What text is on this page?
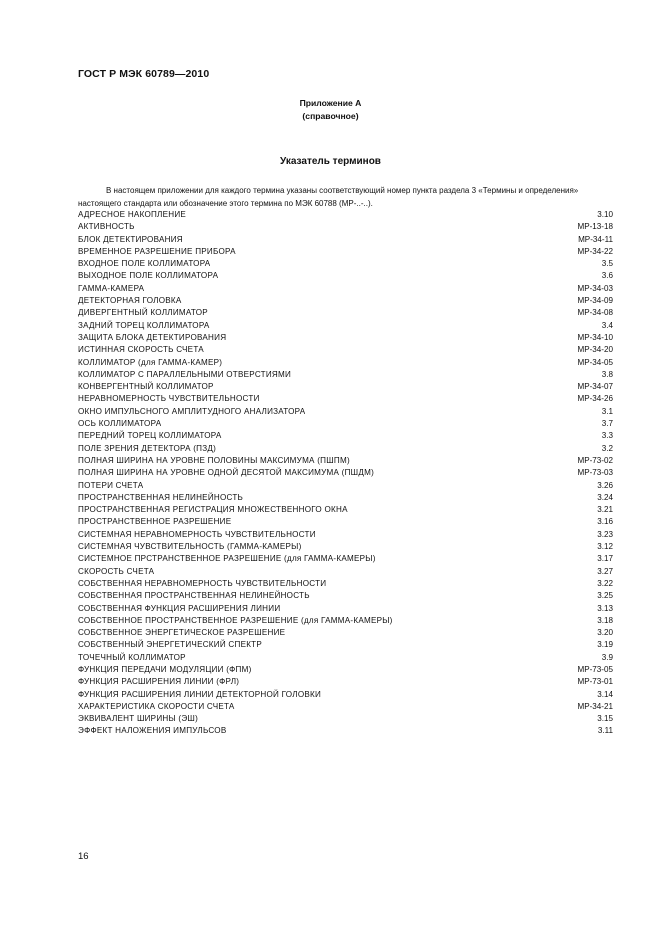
ГОСТ Р МЭК 60789—2010
Приложение А
(справочное)
Указатель терминов
В настоящем приложении для каждого термина указаны соответствующий номер пункта раздела 3 «Термины и определения» настоящего стандарта или обозначение этого термина по МЭК 60788 (МР-..-..).
АДРЕСНОЕ НАКОПЛЕНИЕ	3.10
АКТИВНОСТЬ	МР-13-18
БЛОК ДЕТЕКТИРОВАНИЯ	МР-34-11
ВРЕМЕННОЕ РАЗРЕШЕНИЕ ПРИБОРА	МР-34-22
ВХОДНОЕ ПОЛЕ КОЛЛИМАТОРА	3.5
ВЫХОДНОЕ ПОЛЕ КОЛЛИМАТОРА	3.6
ГАММА-КАМЕРА	МР-34-03
ДЕТЕКТОРНАЯ ГОЛОВКА	МР-34-09
ДИВЕРГЕНТНЫЙ КОЛЛИМАТОР	МР-34-08
ЗАДНИЙ ТОРЕЦ КОЛЛИМАТОРА	3.4
ЗАЩИТА БЛОКА ДЕТЕКТИРОВАНИЯ	МР-34-10
ИСТИННАЯ СКОРОСТЬ СЧЕТА	МР-34-20
КОЛЛИМАТОР (для ГАММА-КАМЕР)	МР-34-05
КОЛЛИМАТОР С ПАРАЛЛЕЛЬНЫМИ ОТВЕРСТИЯМИ	3.8
КОНВЕРГЕНТНЫЙ КОЛЛИМАТОР	МР-34-07
НЕРАВНОМЕРНОСТЬ ЧУВСТВИТЕЛЬНОСТИ	МР-34-26
ОКНО ИМПУЛЬСНОГО АМПЛИТУДНОГО АНАЛИЗАТОРА	3.1
ОСЬ КОЛЛИМАТОРА	3.7
ПЕРЕДНИЙ ТОРЕЦ КОЛЛИМАТОРА	3.3
ПОЛЕ ЗРЕНИЯ ДЕТЕКТОРА (ПЗД)	3.2
ПОЛНАЯ ШИРИНА НА УРОВНЕ ПОЛОВИНЫ МАКСИМУМА (ПШПМ)	МР-73-02
ПОЛНАЯ ШИРИНА НА УРОВНЕ ОДНОЙ ДЕСЯТОЙ МАКСИМУМА (ПШДМ)	МР-73-03
ПОТЕРИ СЧЕТА	3.26
ПРОСТРАНСТВЕННАЯ НЕЛИНЕЙНОСТЬ	3.24
ПРОСТРАНСТВЕННАЯ РЕГИСТРАЦИЯ МНОЖЕСТВЕННОГО ОКНА	3.21
ПРОСТРАНСТВЕННОЕ РАЗРЕШЕНИЕ	3.16
СИСТЕМНАЯ НЕРАВНОМЕРНОСТЬ ЧУВСТВИТЕЛЬНОСТИ	3.23
СИСТЕМНАЯ ЧУВСТВИТЕЛЬНОСТЬ (ГАММА-КАМЕРЫ)	3.12
СИСТЕМНОЕ ПРСТРАНСТВЕННОЕ РАЗРЕШЕНИЕ (для ГАММА-КАМЕРЫ)	3.17
СКОРОСТЬ СЧЕТА	3.27
СОБСТВЕННАЯ НЕРАВНОМЕРНОСТЬ ЧУВСТВИТЕЛЬНОСТИ	3.22
СОБСТВЕННАЯ ПРОСТРАНСТВЕННАЯ НЕЛИНЕЙНОСТЬ	3.25
СОБСТВЕННАЯ ФУНКЦИЯ РАСШИРЕНИЯ ЛИНИИ	3.13
СОБСТВЕННОЕ ПРОСТРАНСТВЕННОЕ РАЗРЕШЕНИЕ (для ГАММА-КАМЕРЫ)	3.18
СОБСТВЕННОЕ ЭНЕРГЕТИЧЕСКОЕ РАЗРЕШЕНИЕ	3.20
СОБСТВЕННЫЙ ЭНЕРГЕТИЧЕСКИЙ СПЕКТР	3.19
ТОЧЕЧНЫЙ КОЛЛИМАТОР	3.9
ФУНКЦИЯ ПЕРЕДАЧИ МОДУЛЯЦИИ (ФПМ)	МР-73-05
ФУНКЦИЯ РАСШИРЕНИЯ ЛИНИИ (ФРЛ)	МР-73-01
ФУНКЦИЯ РАСШИРЕНИЯ ЛИНИИ ДЕТЕКТОРНОЙ ГОЛОВКИ	3.14
ХАРАКТЕРИСТИКА СКОРОСТИ СЧЕТА	МР-34-21
ЭКВИВАЛЕНТ ШИРИНЫ (ЭШ)	3.15
ЭФФЕКТ НАЛОЖЕНИЯ ИМПУЛЬСОВ	3.11
16
